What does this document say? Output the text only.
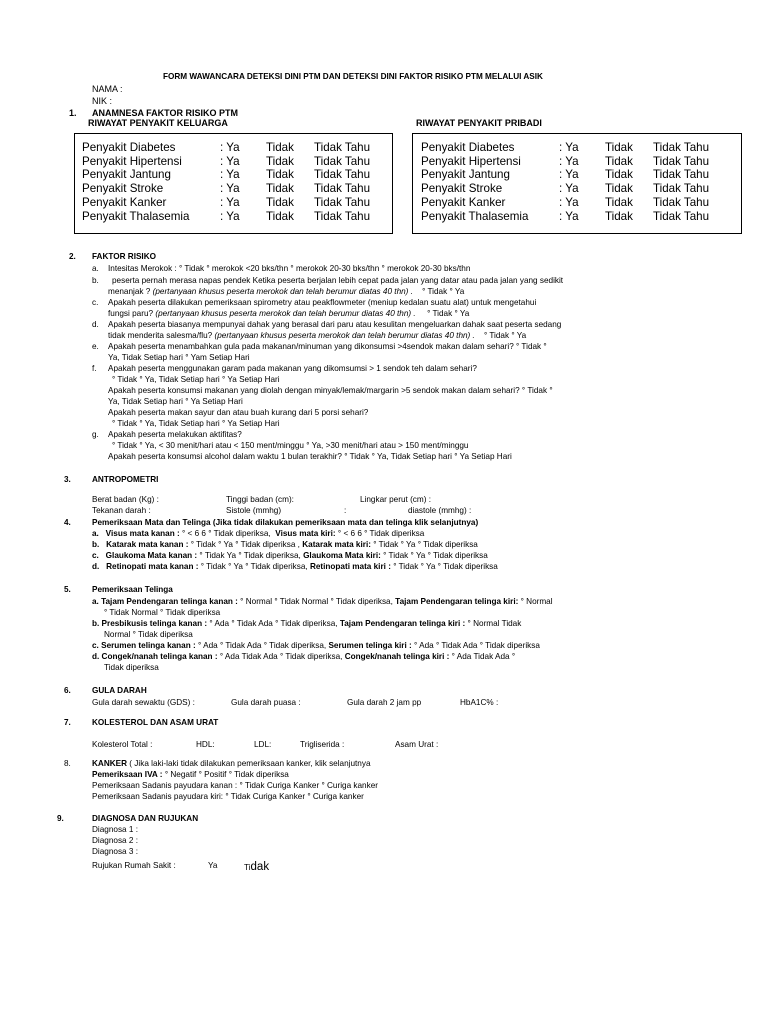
FORM WAWANCARA DETEKSI DINI PTM DAN DETEKSI DINI FAKTOR RISIKO PTM MELALUI ASIK
NAMA :
NIK :
1. ANAMNESA FAKTOR RISIKO PTM
RIWAYAT PENYAKIT KELUARGA	RIWAYAT PENYAKIT PRIBADI
Penyakit Diabetes	: Ya	Tidak	Tidak Tahu
Penyakit Hipertensi	: Ya	Tidak	Tidak Tahu
Penyakit Jantung	: Ya	Tidak	Tidak Tahu
Penyakit Stroke	: Ya	Tidak	Tidak Tahu
Penyakit Kanker	: Ya	Tidak	Tidak Tahu
Penyakit Thalasemia	: Ya	Tidak	Tidak Tahu
Penyakit Diabetes	: Ya	Tidak	Tidak Tahu
Penyakit Hipertensi	: Ya	Tidak	Tidak Tahu
Penyakit Jantung	: Ya	Tidak	Tidak Tahu
Penyakit Stroke	: Ya	Tidak	Tidak Tahu
Penyakit Kanker	: Ya	Tidak	Tidak Tahu
Penyakit Thalasemia	: Ya	Tidak	Tidak Tahu
2. FAKTOR RISIKO
a. Intesitas Merokok : ° Tidak ° merokok <20 bks/thn ° merokok 20-30 bks/thn ° merokok 20-30 bks/thn
b. peserta pernah merasa napas pendek Ketika peserta berjalan lebih cepat pada jalan yang datar atau pada jalan yang sedikit
menanjak ? (pertanyaan khusus peserta merokok dan telah berumur diatas 40 thn) . ° Tidak ° Ya
c. Apakah peserta dilakukan pemeriksaan spirometry atau peakflowmeter (meniup kedalan suatu alat) untuk mengetahui
fungsi paru? (pertanyaan khusus peserta merokok dan telah berumur diatas 40 thn) . ° Tidak ° Ya
d. Apakah peserta biasanya mempunyai dahak yang berasal dari paru atau kesulitan mengeluarkan dahak saat peserta sedang
tidak menderita salesma/flu? (pertanyaan khusus peserta merokok dan telah berumur diatas 40 thn) . ° Tidak ° Ya
e. Apakah peserta menambahkan gula pada makanan/minuman yang dikonsumsi >4sendok makan dalam sehari? ° Tidak °
Ya, Tidak Setiap hari ° Yam Setiap Hari
f. Apakah peserta menggunakan garam pada makanan yang dikomsumsi > 1 sendok teh dalam sehari?
° Tidak ° Ya, Tidak Setiap hari ° Ya Setiap Hari
Apakah peserta konsumsi makanan yang diolah dengan minyak/lemak/margarin >5 sendok makan dalam sehari? ° Tidak °
Ya, Tidak Setiap hari ° Ya Setiap Hari
Apakah peserta makan sayur dan atau buah kurang dari 5 porsi sehari?
° Tidak ° Ya, Tidak Setiap hari ° Ya Setiap Hari
g. Apakah peserta melakukan aktifitas?
° Tidak ° Ya, < 30 menit/hari atau < 150 ment/minggu ° Ya, >30 menit/hari atau > 150 ment/minggu
Apakah peserta konsumsi alcohol dalam waktu 1 bulan terakhir? ° Tidak ° Ya, Tidak Setiap hari ° Ya Setiap Hari
3.	ANTROPOMETRI
Berat badan (Kg) :	Tinggi badan (cm):	Lingkar perut (cm) :
Tekanan darah :	Sistole (mmhg)	:	diastole (mmhg) :
4.	Pemeriksaan Mata dan Telinga (Jika tidak dilakukan pemeriksaan mata dan telinga klik selanjutnya)
a. Visus mata kanan : ° < 6 6 ° Tidak diperiksa, Visus mata kiri: ° < 6 6 ° Tidak diperiksa
b. Katarak mata kanan : ° Tidak ° Ya ° Tidak diperiksa , Katarak mata kiri: ° Tidak ° Ya ° Tidak diperiksa
c. Glaukoma Mata kanan : ° Tidak Ya ° Tidak diperiksa, Glaukoma Mata kiri: ° Tidak ° Ya ° Tidak diperiksa
d. Retinopati mata kanan : ° Tidak ° Ya ° Tidak diperiksa, Retinopati mata kiri : ° Tidak ° Ya ° Tidak diperiksa
5.	Pemeriksaan Telinga
a. Tajam Pendengaran telinga kanan : ° Normal ° Tidak Normal ° Tidak diperiksa, Tajam Pendengaran telinga kiri: ° Normal
° Tidak Normal ° Tidak diperiksa
b. Presbikusis telinga kanan : ° Ada ° Tidak Ada ° Tidak diperiksa, Tajam Pendengaran telinga kiri : ° Normal Tidak
Normal ° Tidak diperiksa
c. Serumen telinga kanan : ° Ada ° Tidak Ada ° Tidak diperiksa, Serumen telinga kiri : ° Ada ° Tidak Ada ° Tidak diperiksa
d. Congek/nanah telinga kanan : ° Ada Tidak Ada ° Tidak diperiksa, Congek/nanah telinga kiri : ° Ada Tidak Ada °
Tidak diperiksa
6.	GULA DARAH
Gula darah sewaktu (GDS) :	Gula darah puasa :	Gula darah 2 jam pp	HbA1C% :
7.	KOLESTEROL DAN ASAM URAT
Kolesterol Total :	HDL:	LDL:	Trigliserida :	Asam Urat :
8.	KANKER ( Jika laki-laki tidak dilakukan pemeriksaan kanker, klik selanjutnya
Pemeriksaan IVA : ° Negatif ° Positif ° Tidak diperiksa
Pemeriksaan Sadanis payudara kanan : ° Tidak Curiga Kanker ° Curiga kanker
Pemeriksaan Sadanis payudara kiri: ° Tidak Curiga Kanker ° Curiga kanker
9.	DIAGNOSA DAN RUJUKAN
Diagnosa 1 :
Diagnosa 2 :
Diagnosa 3 :
Rujukan Rumah Sakit :	Ya	Tidak
